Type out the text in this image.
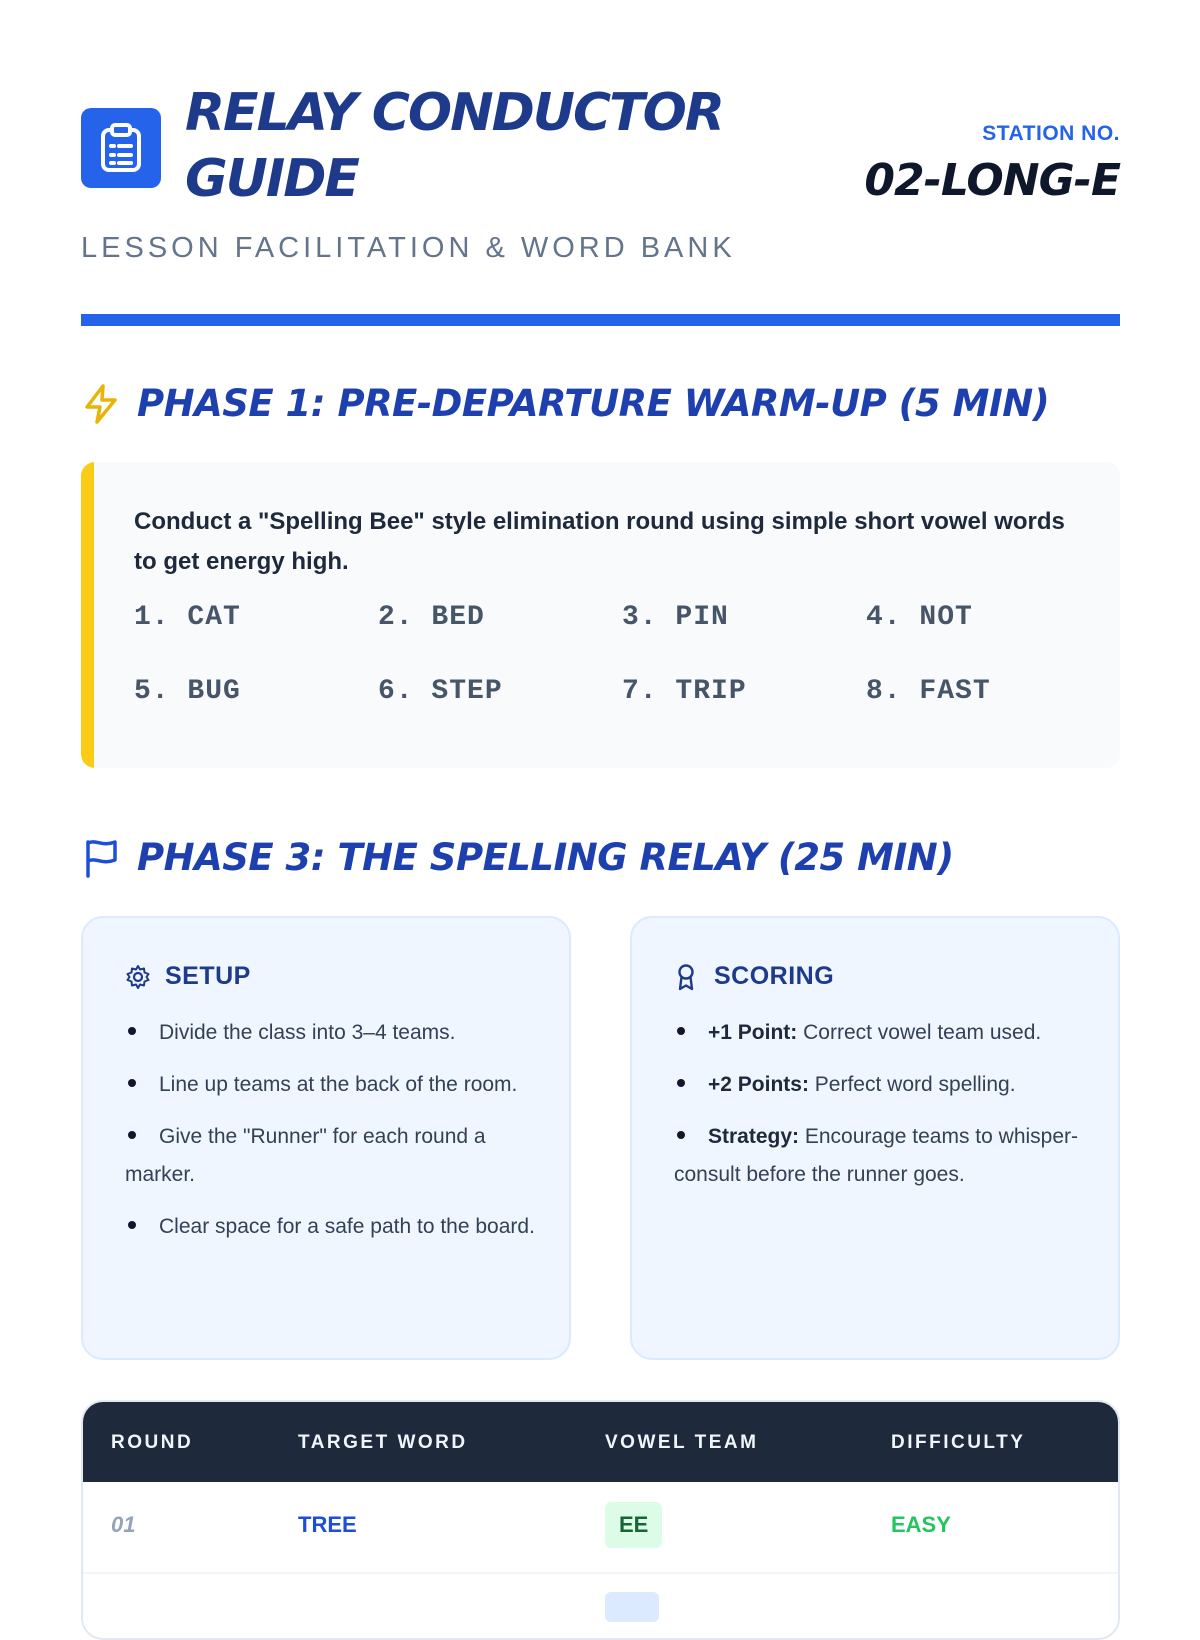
RELAY CONDUCTOR GUIDE
LESSON FACILITATION & WORD BANK
STATION NO.
02-LONG-E
PHASE 1: PRE-DEPARTURE WARM-UP (5 MIN)
Conduct a "Spelling Bee" style elimination round using simple short vowel words to get energy high.
1. CAT	2. BED	3. PIN	4. NOT
5. BUG	6. STEP	7. TRIP	8. FAST
PHASE 3: THE SPELLING RELAY (25 MIN)
SETUP
Divide the class into 3–4 teams.
Line up teams at the back of the room.
Give the "Runner" for each round a marker.
Clear space for a safe path to the board.
SCORING
+1 Point: Correct vowel team used.
+2 Points: Perfect word spelling.
Strategy: Encourage teams to whisper-consult before the runner goes.
ROUND	TARGET WORD	VOWEL TEAM	DIFFICULTY
01	TREE	EE	EASY
